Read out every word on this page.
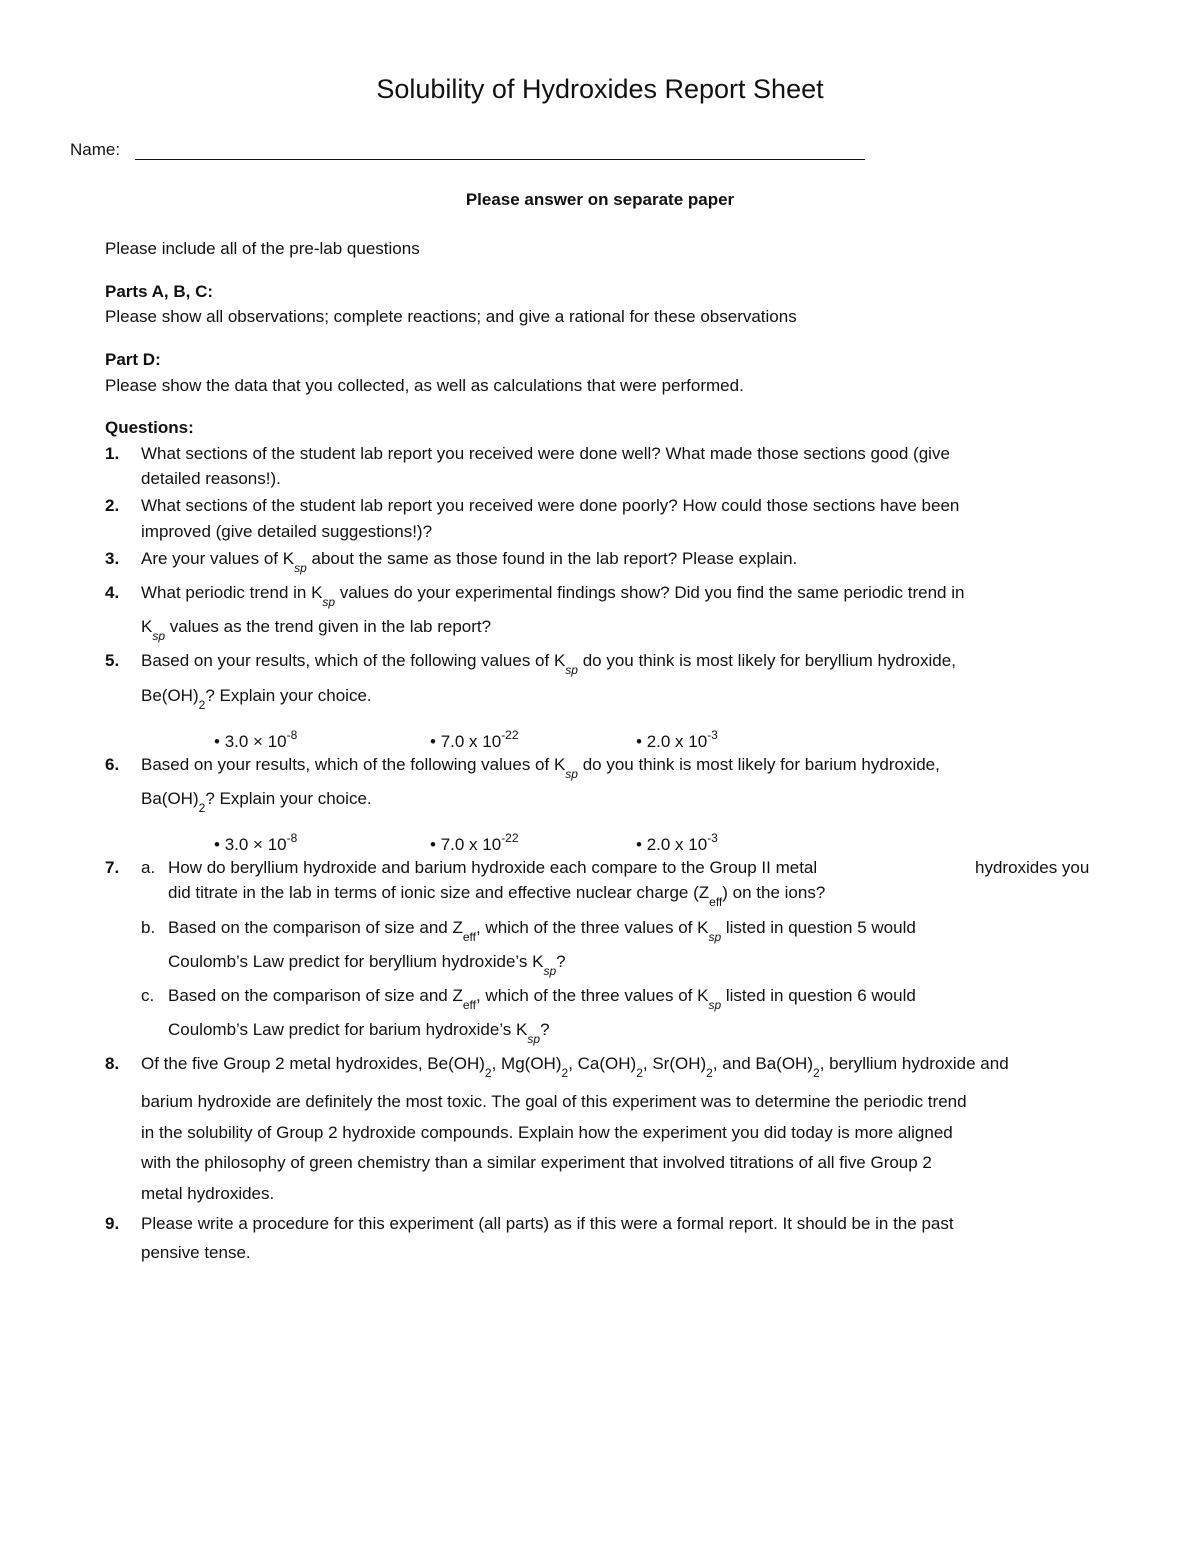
Solubility of Hydroxides Report Sheet
Name:
Please answer on separate paper
Please include all of the pre-lab questions
Parts A, B, C:
Please show all observations; complete reactions; and give a rational for these observations
Part D:
Please show the data that you collected, as well as calculations that were performed.
Questions:
1. What sections of the student lab report you received were done well? What made those sections good (give
detailed reasons!).
2. What sections of the student lab report you received were done poorly? How could those sections have been
improved (give detailed suggestions!)?
3. Are your values of $K_{sp}$ about the same as those found in the lab report? Please explain.
4. What periodic trend in $K_{sp}$ values do your experimental findings show? Did you find the same periodic trend in
$K_{sp}$ values as the trend given in the lab report?
5. Based on your results, which of the following values of $K_{sp}$ do you think is most likely for beryllium hydroxide,
$Be(OH)_2$? Explain your choice.
• $3.0 \times 10^{-8}$	• 7.0 x $10^{-22}$	• 2.0 x $10^{-3}$
6. Based on your results, which of the following values of $K_{sp}$ do you think is most likely for barium hydroxide,
$Ba(OH)_2$? Explain your choice.
• $3.0 \times 10^{-8}$	• 7.0 x $10^{-22}$	• 2.0 x $10^{-3}$
7. a. How do beryllium hydroxide and barium hydroxide each compare to the Group II metal	hydroxides you
did titrate in the lab in terms of ionic size and effective nuclear charge $(Z_{eff})$ on the ions?
b. Based on the comparison of size and $Z_{eff}$, which of the three values of $K_{sp}$ listed in question 5 would
Coulomb’s Law predict for beryllium hydroxide’s $K_{sp}$?
c. Based on the comparison of size and $Z_{eff}$, which of the three values of $K_{sp}$ listed in question 6 would
Coulomb’s Law predict for barium hydroxide’s $K_{sp}$?
8. Of the five Group 2 metal hydroxides, $Be(OH)_2$, $Mg(OH)_2$, $Ca(OH)_2$, $Sr(OH)_2$, and $Ba(OH)_2$, beryllium hydroxide and
barium hydroxide are definitely the most toxic. The goal of this experiment was to determine the periodic trend
in the solubility of Group 2 hydroxide compounds. Explain how the experiment you did today is more aligned
with the philosophy of green chemistry than a similar experiment that involved titrations of all five Group 2
metal hydroxides.
9. Please write a procedure for this experiment (all parts) as if this were a formal report. It should be in the past
pensive tense.
